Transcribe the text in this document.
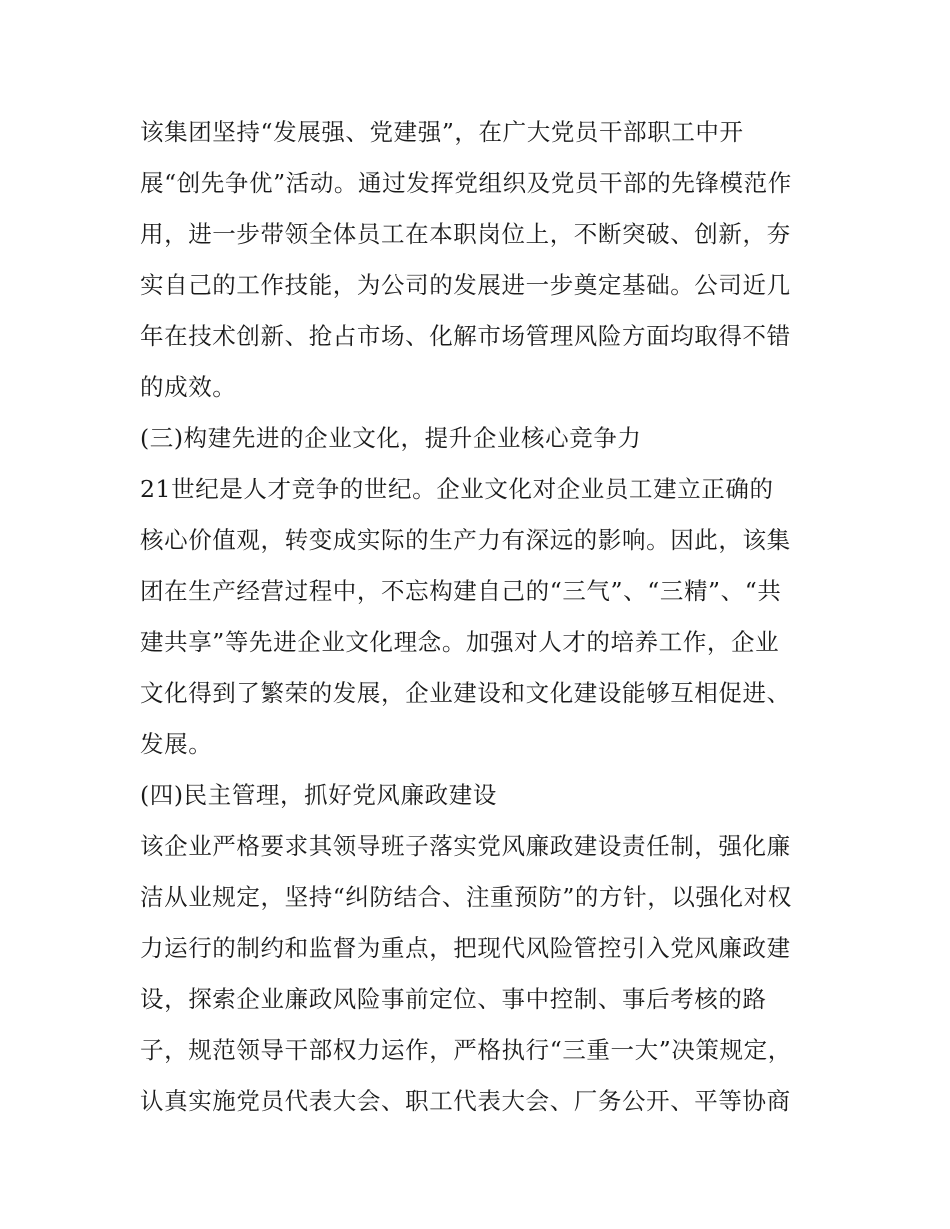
该集团坚持“发展强、党建强”，在广大党员干部职工中开
展“创先争优”活动。通过发挥党组织及党员干部的先锋模范作
用，进一步带领全体员工在本职岗位上，不断突破、创新，夯
实自己的工作技能，为公司的发展进一步奠定基础。公司近几
年在技术创新、抢占市场、化解市场管理风险方面均取得不错
的成效。
(三)构建先进的企业文化，提升企业核心竞争力
21世纪是人才竞争的世纪。企业文化对企业员工建立正确的
核心价值观，转变成实际的生产力有深远的影响。因此，该集
团在生产经营过程中，不忘构建自己的“三气”、“三精”、“共
建共享”等先进企业文化理念。加强对人才的培养工作，企业
文化得到了繁荣的发展，企业建设和文化建设能够互相促进、
发展。
(四)民主管理，抓好党风廉政建设
该企业严格要求其领导班子落实党风廉政建设责任制，强化廉
洁从业规定，坚持“纠防结合、注重预防”的方针，以强化对权
力运行的制约和监督为重点，把现代风险管控引入党风廉政建
设，探索企业廉政风险事前定位、事中控制、事后考核的路
子，规范领导干部权力运作，严格执行“三重一大”决策规定，
认真实施党员代表大会、职工代表大会、厂务公开、平等协商
